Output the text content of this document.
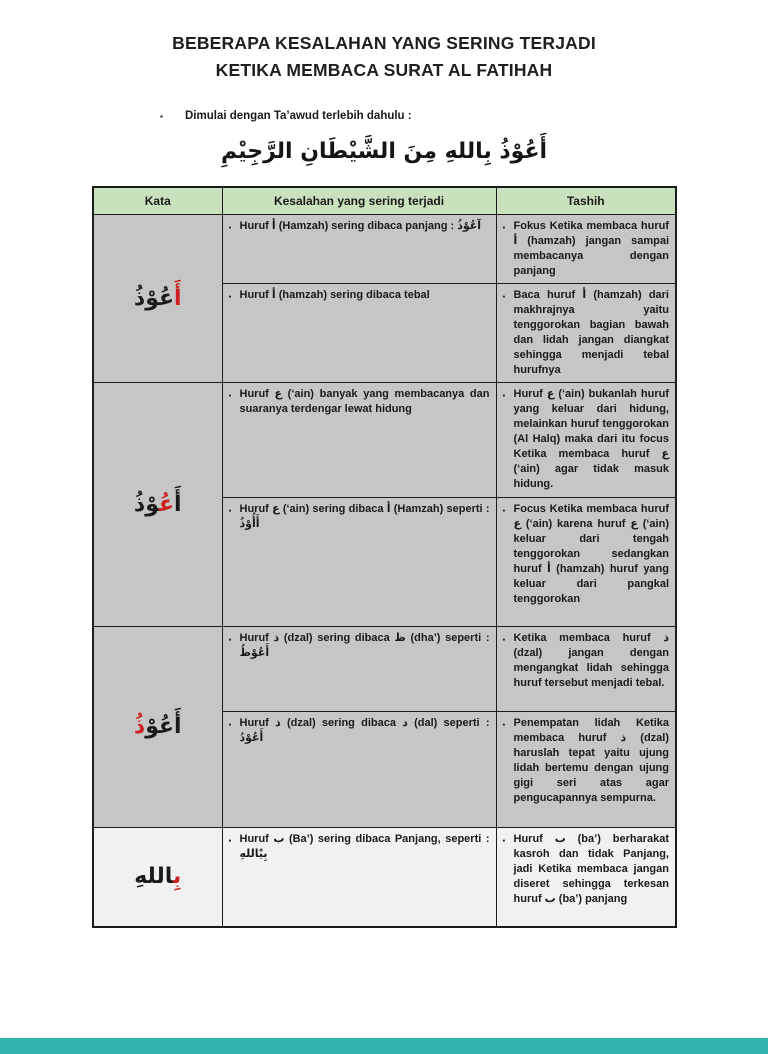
BEBERAPA KESALAHAN YANG SERING TERJADI
KETIKA MEMBACA SURAT AL FATIHAH
▪ Dimulai dengan Ta’awud terlebih dahulu :
أَعُوْذُ بِاللهِ مِنَ الشَّيْطَانِ الرَّجِيْمِ
Kata	Kesalahan yang sering terjadi	Tashih
أَعُوْذُ	▪ Huruf أ (Hamzah) sering dibaca panjang : آعُوْذُ	▪ Fokus Ketika membaca huruf أ (hamzah) jangan sampai membacanya dengan panjang

	▪ Huruf أ (hamzah) sering dibaca tebal	▪ Baca huruf أ (hamzah) dari makhrajnya yaitu tenggorokan bagian bawah dan lidah jangan diangkat sehingga menjadi tebal hurufnya

أَعُ‍‍وْذُ	▪ Huruf ع (‘ain) banyak yang membacanya dan suaranya terdengar lewat hidung	▪ Huruf ع (‘ain) bukanlah huruf yang keluar dari hidung, melainkan huruf tenggorokan (Al Halq) maka dari itu focus Ketika membaca huruf ع (‘ain) agar tidak masuk hidung.

	▪ Huruf ع (‘ain) sering dibaca أ (Hamzah) seperti : أَأُوْذُ	▪ Focus Ketika membaca huruf ع (‘ain) karena huruf ع (‘ain) keluar dari tengah tenggorokan sedangkan huruf أ (hamzah) huruf yang keluar dari pangkal tenggorokan

أَعُوْذُ	▪ Huruf ذ (dzal) sering dibaca ظ (dha’) seperti : أَعُوْظُ	▪ Ketika membaca huruf ذ (dzal) jangan dengan mengangkat lidah sehingga huruf tersebut menjadi tebal.

	▪ Huruf ذ (dzal) sering dibaca د (dal) seperti : أَعُوْدُ	▪ Penempatan lidah Ketika membaca huruf ذ (dzal) haruslah tepat yaitu ujung lidah bertemu dengan ujung gigi seri atas agar pengucapannya sempurna.

بِ‍‍اللهِ	▪ Huruf ب (Ba’) sering dibaca Panjang, seperti : بِيْاللهِ	▪ Huruf ب (ba’) berharakat kasroh dan tidak Panjang, jadi Ketika membaca jangan diseret sehingga terkesan huruf ب (ba’) panjang
